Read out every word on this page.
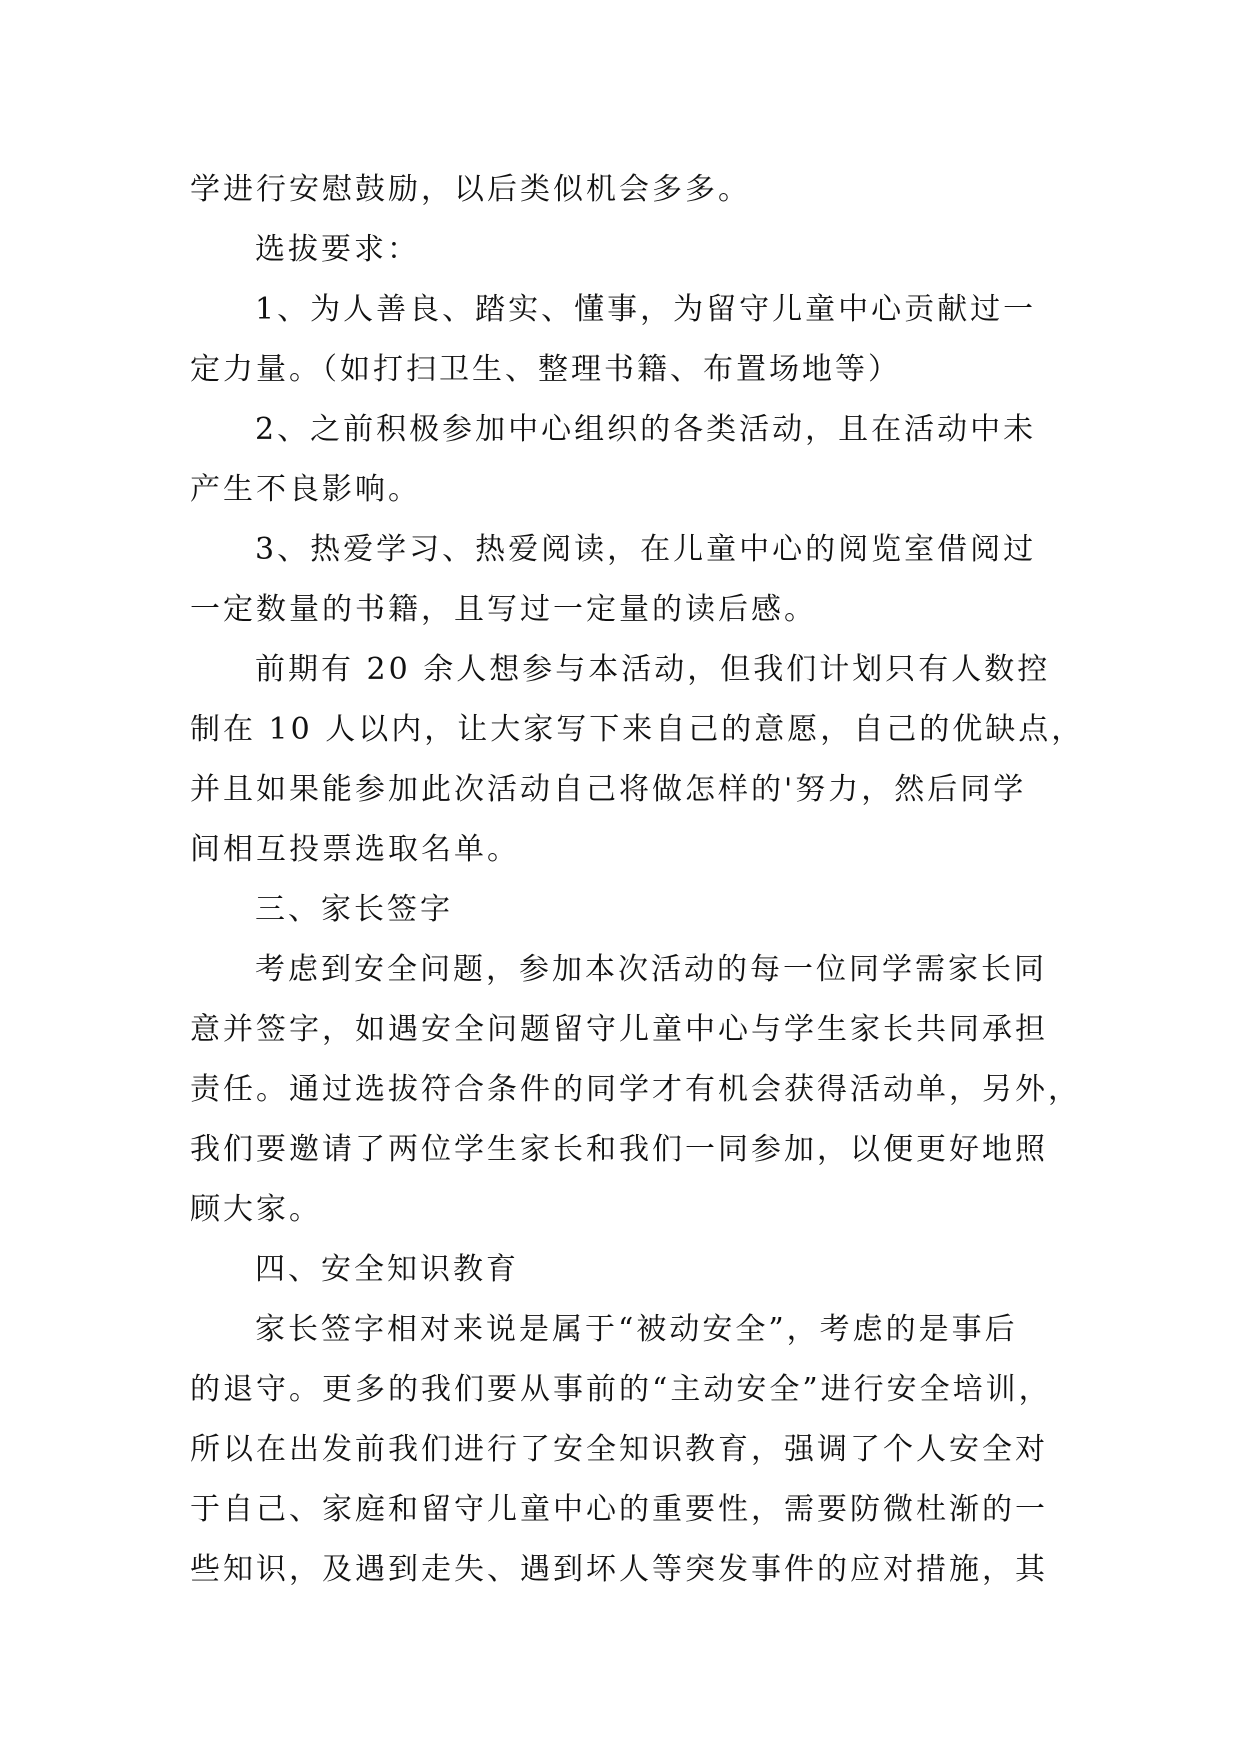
学进行安慰鼓励，以后类似机会多多。
选拔要求：
1、为人善良、踏实、懂事，为留守儿童中心贡献过一
定力量。（如打扫卫生、整理书籍、布置场地等）
2、之前积极参加中心组织的各类活动，且在活动中未
产生不良影响。
3、热爱学习、热爱阅读，在儿童中心的阅览室借阅过
一定数量的书籍，且写过一定量的读后感。
前期有 20 余人想参与本活动，但我们计划只有人数控
制在 10 人以内，让大家写下来自己的意愿，自己的优缺点，
并且如果能参加此次活动自己将做怎样的'努力，然后同学
间相互投票选取名单。
三、家长签字
考虑到安全问题，参加本次活动的每一位同学需家长同
意并签字，如遇安全问题留守儿童中心与学生家长共同承担
责任。通过选拔符合条件的同学才有机会获得活动单，另外，
我们要邀请了两位学生家长和我们一同参加，以便更好地照
顾大家。
四、安全知识教育
家长签字相对来说是属于“被动安全”，考虑的是事后
的退守。更多的我们要从事前的“主动安全”进行安全培训，
所以在出发前我们进行了安全知识教育，强调了个人安全对
于自己、家庭和留守儿童中心的重要性，需要防微杜渐的一
些知识，及遇到走失、遇到坏人等突发事件的应对措施，其
